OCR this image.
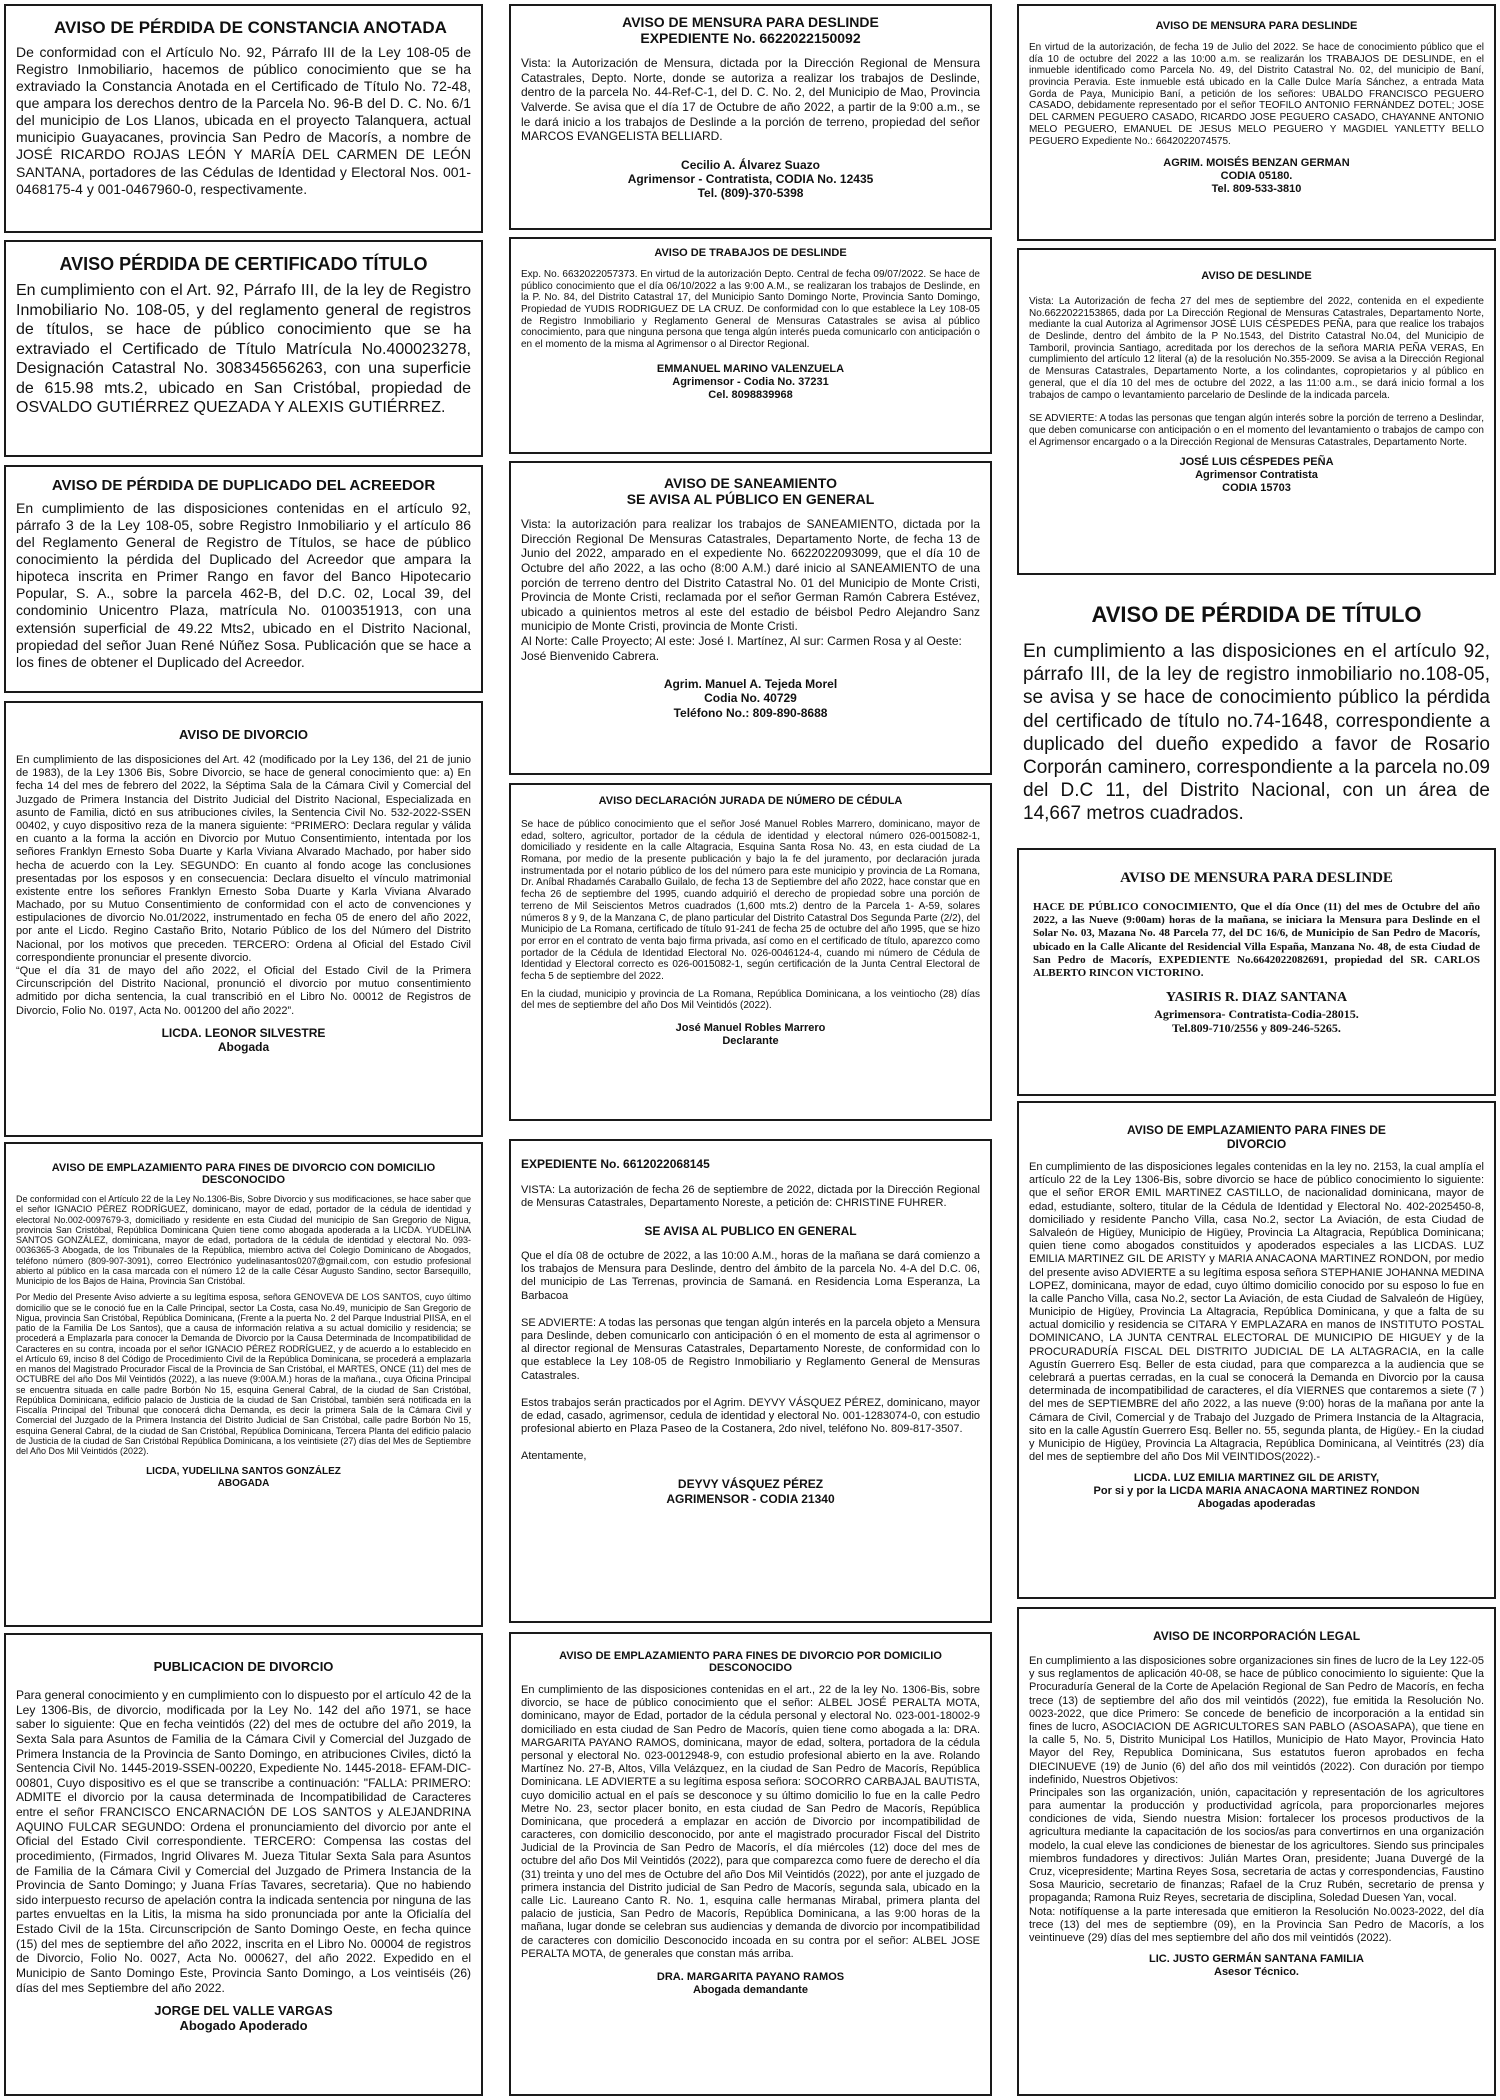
AVISO DE PÉRDIDA DE CONSTANCIA ANOTADA

De conformidad con el Artículo No. 92, Párrafo III de la Ley 108-05 de Registro Inmobiliario, hacemos de público conocimiento que se ha extraviado la Constancia Anotada en el Certificado de Título No. 72-48, que ampara los derechos dentro de la Parcela No. 96-B del D. C. No. 6/1 del municipio de Los Llanos, ubicada en el proyecto Talanquera, actual municipio Guayacanes, provincia San Pedro de Macorís, a nombre de JOSÉ RICARDO ROJAS LEÓN Y MARÍA DEL CARMEN DE LEÓN SANTANA, portadores de las Cédulas de Identidad y Electoral Nos. 001-0468175-4 y 001-0467960-0, respectivamente.

AVISO PÉRDIDA DE CERTIFICADO TÍTULO

En cumplimiento con el Art. 92, Párrafo III, de la ley de Registro Inmobiliario No. 108-05, y del reglamento general de registros de títulos, se hace de público conocimiento que se ha extraviado el Certificado de Título Matrícula No.400023278, Designación Catastral No. 308345656263, con una superficie de 615.98 mts.2, ubicado en San Cristóbal, propiedad de OSVALDO GUTIÉRREZ QUEZADA Y ALEXIS GUTIÉRREZ.

AVISO DE PÉRDIDA DE DUPLICADO DEL ACREEDOR

En cumplimiento de las disposiciones contenidas en el artículo 92, párrafo 3 de la Ley 108-05, sobre Registro Inmobiliario y el artículo 86 del Reglamento General de Registro de Títulos, se hace de público conocimiento la pérdida del Duplicado del Acreedor que ampara la hipoteca inscrita en Primer Rango en favor del Banco Hipotecario Popular, S. A., sobre la parcela 462-B, del D.C. 02, Local 39, del condominio Unicentro Plaza, matrícula No. 0100351913, con una extensión superficial de 49.22 Mts2, ubicado en el Distrito Nacional, propiedad del señor Juan René Núñez Sosa. Publicación que se hace a los fines de obtener el Duplicado del Acreedor.

AVISO DE DIVORCIO

En cumplimiento de las disposiciones del Art. 42 (modificado por la Ley 136, del 21 de junio de 1983), de la Ley 1306 Bis, Sobre Divorcio, se hace de general conocimiento que: a) En fecha 14 del mes de febrero del 2022, la Séptima Sala de la Cámara Civil y Comercial del Juzgado de Primera Instancia del Distrito Judicial del Distrito Nacional, Especializada en asunto de Familia, dictó en sus atribuciones civiles, la Sentencia Civil No. 532-2022-SSEN 00402, y cuyo dispositivo reza de la manera siguiente: “PRIMERO: Declara regular y válida en cuanto a la forma la acción en Divorcio por Mutuo Consentimiento, intentada por los señores Franklyn Ernesto Soba Duarte y Karla Viviana Alvarado Machado, por haber sido hecha de acuerdo con la Ley. SEGUNDO: En cuanto al fondo acoge las conclusiones presentadas por los esposos y en consecuencia: Declara disuelto el vínculo matrimonial existente entre los señores Franklyn Ernesto Soba Duarte y Karla Viviana Alvarado Machado, por su Mutuo Consentimiento de conformidad con el acto de convenciones y estipulaciones de divorcio No.01/2022, instrumentado en fecha 05 de enero del año 2022, por ante el Licdo. Regino Castaño Brito, Notario Público de los del Número del Distrito Nacional, por los motivos que preceden. TERCERO: Ordena al Oficial del Estado Civil correspondiente pronunciar el presente divorcio.

“Que el día 31 de mayo del año 2022, el Oficial del Estado Civil de la Primera Circunscripción del Distrito Nacional, pronunció el divorcio por mutuo consentimiento admitido por dicha sentencia, la cual transcribió en el Libro No. 00012 de Registros de Divorcio, Folio No. 0197, Acta No. 001200 del año 2022”.

LICDA. LEONOR SILVESTRE
Abogada
AVISO DE EMPLAZAMIENTO PARA FINES DE DIVORCIO CON DOMICILIO DESCONOCIDO

De conformidad con el Artículo 22 de la Ley No.1306-Bis, Sobre Divorcio y sus modificaciones, se hace saber que el señor IGNACIO PÉREZ RODRÍGUEZ, dominicano, mayor de edad, portador de la cédula de identidad y electoral No.002-0097679-3, domiciliado y residente en esta Ciudad del municipio de San Gregorio de Nigua, provincia San Cristóbal, República Dominicana Quien tiene como abogada apoderada a la LICDA. YUDELINA SANTOS GONZÁLEZ, dominicana, mayor de edad, portadora de la cédula de identidad y electoral No. 093-0036365-3 Abogada, de los Tribunales de la República, miembro activa del Colegio Dominicano de Abogados, teléfono número (809-907-3091), correo Electrónico yudelinasantos0207@gmail.com, con estudio profesional abierto al público en la casa marcada con el número 12 de la calle César Augusto Sandino, sector Barsequillo, Municipio de los Bajos de Haina, Provincia San Cristóbal.

Por Medio del Presente Aviso advierte a su legítima esposa, señora GENOVEVA DE LOS SANTOS, cuyo último domicilio que se le conoció fue en la Calle Principal, sector La Costa, casa No.49, municipio de San Gregorio de Nigua, provincia San Cristóbal, República Dominicana, (Frente a la puerta No. 2 del Parque Industrial PIISA, en el patio de la Familia De Los Santos), que a causa de información relativa a su actual domicilio y residencia; se procederá a Emplazarla para conocer la Demanda de Divorcio por la Causa Determinada de Incompatibilidad de Caracteres en su contra, incoada por el señor IGNACIO PÉREZ RODRÍGUEZ, y de acuerdo a lo establecido en el Artículo 69, inciso 8 del Código de Procedimiento Civil de la República Dominicana, se procederá a emplazarla en manos del Magistrado Procurador Fiscal de la Provincia de San Cristóbal, el MARTES, ONCE (11) del mes de OCTUBRE del año Dos Mil Veintidós (2022), a las nueve (9:00A.M.) horas de la mañana., cuya Oficina Principal se encuentra situada en calle padre Borbón No 15, esquina General Cabral, de la ciudad de San Cristóbal, República Dominicana, edificio palacio de Justicia de la ciudad de San Cristóbal, también será notificada en la Fiscalía Principal del Tribunal que conocerá dicha Demanda, es decir la primera Sala de la Cámara Civil y Comercial del Juzgado de la Primera Instancia del Distrito Judicial de San Cristóbal, calle padre Borbón No 15, esquina General Cabral, de la ciudad de San Cristóbal, República Dominicana, Tercera Planta del edificio palacio de Justicia de la ciudad de San Cristóbal República Dominicana, a los veintisiete (27) días del Mes de Septiembre del Año Dos Mil Veintidós (2022).

LICDA, YUDELILNA SANTOS GONZÁLEZ
ABOGADA
PUBLICACION DE DIVORCIO

Para general conocimiento y en cumplimiento con lo dispuesto por el artículo 42 de la Ley 1306-Bis, de divorcio, modificada por la Ley No. 142 del año 1971, se hace saber lo siguiente: Que en fecha veintidós (22) del mes de octubre del año 2019, la Sexta Sala para Asuntos de Familia de la Cámara Civil y Comercial del Juzgado de Primera Instancia de la Provincia de Santo Domingo, en atribuciones Civiles, dictó la Sentencia Civil No. 1445-2019-SSEN-00220, Expediente No. 1445-2018- EFAM-DIC-00801, Cuyo dispositivo es el que se transcribe a continuación: "FALLA: PRIMERO: ADMITE el divorcio por la causa determinada de Incompatibilidad de Caracteres entre el señor FRANCISCO ENCARNACIÓN DE LOS SANTOS y ALEJANDRINA AQUINO FULCAR SEGUNDO: Ordena el pronunciamiento del divorcio por ante el Oficial del Estado Civil correspondiente. TERCERO: Compensa las costas del procedimiento, (Firmados, Ingrid Olivares M. Jueza Titular Sexta Sala para Asuntos de Familia de la Cámara Civil y Comercial del Juzgado de Primera Instancia de la Provincia de Santo Domingo; y Juana Frías Tavares, secretaria). Que no habiendo sido interpuesto recurso de apelación contra la indicada sentencia por ninguna de las partes envueltas en la Litis, la misma ha sido pronunciada por ante la Oficialía del Estado Civil de la 15ta. Circunscripción de Santo Domingo Oeste, en fecha quince (15) del mes de septiembre del año 2022, inscrita en el Libro No. 00004 de registros de Divorcio, Folio No. 0027, Acta No. 000627, del año 2022. Expedido en el Municipio de Santo Domingo Este, Provincia Santo Domingo, a Los veintiséis (26) días del mes Septiembre del año 2022.

JORGE DEL VALLE VARGAS
Abogado Apoderado
AVISO DE MENSURA PARA DESLINDE
EXPEDIENTE No. 6622022150092

Vista: la Autorización de Mensura, dictada por la Dirección Regional de Mensura Catastrales, Depto. Norte, donde se autoriza a realizar los trabajos de Deslinde, dentro de la parcela No. 44-Ref-C-1, del D. C. No. 2, del Municipio de Mao, Provincia Valverde. Se avisa que el día 17 de Octubre de año 2022, a partir de la 9:00 a.m., se le dará inicio a los trabajos de Deslinde a la porción de terreno, propiedad del señor MARCOS EVANGELISTA BELLIARD.

Cecilio A. Álvarez Suazo
Agrimensor - Contratista, CODIA No. 12435
Tel. (809)-370-5398
AVISO DE TRABAJOS DE DESLINDE

Exp. No. 6632022057373. En virtud de la autorización Depto. Central de fecha 09/07/2022. Se hace de público conocimiento que el día 06/10/2022 a las 9:00 A.M., se realizaran los trabajos de Deslinde, en la P. No. 84, del Distrito Catastral 17, del Municipio Santo Domingo Norte, Provincia Santo Domingo, Propiedad de YUDIS RODRIGUEZ DE LA CRUZ. De conformidad con lo que establece la Ley 108-05 de Registro Inmobiliario y Reglamento General de Mensuras Catastrales se avisa al público conocimiento, para que ninguna persona que tenga algún interés pueda comunicarlo con anticipación o en el momento de la misma al Agrimensor o al Director Regional.

EMMANUEL MARINO VALENZUELA
Agrimensor - Codia No. 37231
Cel. 8098839968
AVISO DE SANEAMIENTO
SE AVISA AL PÚBLICO EN GENERAL

Vista: la autorización para realizar los trabajos de SANEAMIENTO, dictada por la Dirección Regional De Mensuras Catastrales, Departamento Norte, de fecha 13 de Junio del 2022, amparado en el expediente No. 6622022093099, que el día 10 de Octubre del año 2022, a las ocho (8:00 A.M.) daré inicio al SANEAMIENTO de una porción de terreno dentro del Distrito Catastral No. 01 del Municipio de Monte Cristi, Provincia de Monte Cristi, reclamada por el señor German Ramón Cabrera Estévez, ubicado a quinientos metros al este del estadio de béisbol Pedro Alejandro Sanz municipio de Monte Cristi, provincia de Monte Cristi.

Al Norte: Calle Proyecto; Al este: José I. Martínez, Al sur: Carmen Rosa y al Oeste: José Bienvenido Cabrera.

Agrim. Manuel A. Tejeda Morel
Codia No. 40729
Teléfono No.: 809-890-8688
AVISO DECLARACIÓN JURADA DE NÚMERO DE CÉDULA

Se hace de público conocimiento que el señor José Manuel Robles Marrero, dominicano, mayor de edad, soltero, agricultor, portador de la cédula de identidad y electoral número 026-0015082-1, domiciliado y residente en la calle Altagracia, Esquina Santa Rosa No. 43, en esta ciudad de La Romana, por medio de la presente publicación y bajo la fe del juramento, por declaración jurada instrumentada por el notario público de los del número para este municipio y provincia de La Romana, Dr. Aníbal Rhadamés Caraballo Guilalo, de fecha 13 de Septiembre del año 2022, hace constar que en fecha 26 de septiembre del 1995, cuando adquirió el derecho de propiedad sobre una porción de terreno de Mil Seiscientos Metros cuadrados (1,600 mts.2) dentro de la Parcela 1- A-59, solares números 8 y 9, de la Manzana C, de plano particular del Distrito Catastral Dos Segunda Parte (2/2), del Municipio de La Romana, certificado de título 91-241 de fecha 25 de octubre del año 1995, que se hizo por error en el contrato de venta bajo firma privada, así como en el certificado de título, aparezco como portador de la Cédula de Identidad Electoral No. 026-0046124-4, cuando mi número de Cédula de Identidad y Electoral correcto es 026-0015082-1, según certificación de la Junta Central Electoral de fecha 5 de septiembre del 2022.

En la ciudad, municipio y provincia de La Romana, República Dominicana, a los veintiocho (28) días del mes de septiembre del año Dos Mil Veintidós (2022).

José Manuel Robles Marrero
Declarante

EXPEDIENTE No. 6612022068145

VISTA: La autorización de fecha 26 de septiembre de 2022, dictada por la Dirección Regional de Mensuras Catastrales, Departamento Noreste, a petición de: CHRISTINE FUHRER.

SE AVISA AL PUBLICO EN GENERAL

Que el día 08 de octubre de 2022, a las 10:00 A.M., horas de la mañana se dará comienzo a los trabajos de Mensura para Deslinde, dentro del ámbito de la parcela No. 4-A del D.C. 06, del municipio de Las Terrenas, provincia de Samaná. en Residencia Loma Esperanza, La Barbacoa

SE ADVIERTE: A todas las personas que tengan algún interés en la parcela objeto a Mensura para Deslinde, deben comunicarlo con anticipación ó en el momento de esta al agrimensor o al director regional de Mensuras Catastrales, Departamento Noreste, de conformidad con lo que establece la Ley 108-05 de Registro Inmobiliario y Reglamento General de Mensuras Catastrales.

Estos trabajos serán practicados por el Agrim. DEYVY VÁSQUEZ PÉREZ, dominicano, mayor de edad, casado, agrimensor, cedula de identidad y electoral No. 001-1283074-0, con estudio profesional abierto en Plaza Paseo de la Costanera, 2do nivel, teléfono No. 809-817-3507.

Atentamente,

DEYVY VÁSQUEZ PÉREZ
AGRIMENSOR - CODIA 21340
AVISO DE EMPLAZAMIENTO PARA FINES DE DIVORCIO POR DOMICILIO DESCONOCIDO

En cumplimiento de las disposiciones contenidas en el art., 22 de la ley No. 1306-Bis, sobre divorcio, se hace de público conocimiento que el señor: ALBEL JOSÉ PERALTA MOTA, dominicano, mayor de Edad, portador de la cédula personal y electoral No. 023-001-18002-9 domiciliado en esta ciudad de San Pedro de Macorís, quien tiene como abogada a la: DRA. MARGARITA PAYANO RAMOS, dominicana, mayor de edad, soltera, portadora de la cédula personal y electoral No. 023-0012948-9, con estudio profesional abierto en la ave. Rolando Martínez No. 27-B, Altos, Villa Velázquez, en la ciudad de San Pedro de Macorís, República Dominicana. LE ADVIERTE a su legítima esposa señora: SOCORRO CARBAJAL BAUTISTA, cuyo domicilio actual en el país se desconoce y su último domicilio lo fue en la calle Pedro Metre No. 23, sector placer bonito, en esta ciudad de San Pedro de Macorís, República Dominicana, que procederá a emplazar en acción de Divorcio por incompatibilidad de caracteres, con domicilio desconocido, por ante el magistrado procurador Fiscal del Distrito Judicial de la Provincia de San Pedro de Macorís, el día miércoles (12) doce del mes de octubre del año Dos Mil Veintidós (2022), para que comparezca como fuere de derecho el día (31) treinta y uno del mes de Octubre del año Dos Mil Veintidós (2022), por ante el juzgado de primera instancia del Distrito judicial de San Pedro de Macorís, segunda sala, ubicado en la calle Lic. Laureano Canto R. No. 1, esquina calle hermanas Mirabal, primera planta del palacio de justicia, San Pedro de Macorís, República Dominicana, a las 9:00 horas de la mañana, lugar donde se celebran sus audiencias y demanda de divorcio por incompatibilidad de caracteres con domicilio Desconocido incoada en su contra por el señor: ALBEL JOSE PERALTA MOTA, de generales que constan más arriba.

DRA. MARGARITA PAYANO RAMOS
Abogada demandante
AVISO DE MENSURA PARA DESLINDE

En virtud de la autorización, de fecha 19 de Julio del 2022. Se hace de conocimiento público que el día 10 de octubre del 2022 a las 10:00 a.m. se realizarán los TRABAJOS DE DESLINDE, en el inmueble identificado como Parcela No. 49, del Distrito Catastral No. 02, del municipio de Baní, provincia Peravia. Este inmueble está ubicado en la Calle Dulce María Sánchez, a entrada Mata Gorda de Paya, Municipio Baní, a petición de los señores: UBALDO FRANCISCO PEGUERO CASADO, debidamente representado por el señor TEOFILO ANTONIO FERNÁNDEZ DOTEL; JOSE DEL CARMEN PEGUERO CASADO, RICARDO JOSE PEGUERO CASADO, CHAYANNE ANTONIO MELO PEGUERO, EMANUEL DE JESUS MELO PEGUERO Y MAGDIEL YANLETTY BELLO PEGUERO Expediente No.: 6642022074575.

AGRIM. MOISÉS BENZAN GERMAN
CODIA 05180.
Tel. 809-533-3810
AVISO DE DESLINDE

Vista: La Autorización de fecha 27 del mes de septiembre del 2022, contenida en el expediente No.6622022153865, dada por La Dirección Regional de Mensuras Catastrales, Departamento Norte, mediante la cual Autoriza al Agrimensor JOSÉ LUIS CÉSPEDES PEÑA, para que realice los trabajos de Deslinde, dentro del ámbito de la P No.1543, del Distrito Catastral No.04, del Municipio de Tamboril, provincia Santiago, acreditada por los derechos de la señora MARIA PEÑA VERAS, En cumplimiento del artículo 12 literal (a) de la resolución No.355-2009. Se avisa a la Dirección Regional de Mensuras Catastrales, Departamento Norte, a los colindantes, copropietarios y al público en general, que el día 10 del mes de octubre del 2022, a las 11:00 a.m., se dará inicio formal a los trabajos de campo o levantamiento parcelario de Deslinde de la indicada parcela.

SE ADVIERTE: A todas las personas que tengan algún interés sobre la porción de terreno a Deslindar, que deben comunicarse con anticipación o en el momento del levantamiento o trabajos de campo con el Agrimensor encargado o a la Dirección Regional de Mensuras Catastrales, Departamento Norte.

JOSÉ LUIS CÉSPEDES PEÑA
Agrimensor Contratista
CODIA 15703
AVISO DE PÉRDIDA DE TÍTULO

En cumplimiento a las disposiciones en el artículo 92, párrafo III, de la ley de registro inmobiliario no.108-05, se avisa y se hace de conocimiento público la pérdida del certificado de título no.74-1648, correspondiente a duplicado del dueño expedido a favor de Rosario Corporán caminero, correspondiente a la parcela no.09 del D.C 11, del Distrito Nacional, con un área de 14,667 metros cuadrados.

AVISO DE MENSURA PARA DESLINDE

HACE DE PÚBLICO CONOCIMIENTO, Que el día Once (11) del mes de Octubre del año 2022, a las Nueve (9:00am) horas de la mañana, se iniciara la Mensura para Deslinde en el Solar No. 03, Mazana No. 48 Parcela 77, del DC 16/6, de Municipio de San Pedro de Macorís, ubicado en la Calle Alicante del Residencial Villa España, Manzana No. 48, de esta Ciudad de San Pedro de Macorís, EXPEDIENTE No.6642022082691, propiedad del SR. CARLOS ALBERTO RINCON VICTORINO.

YASIRIS R. DIAZ SANTANA
Agrimensora- Contratista-Codia-28015.
Tel.809-710/2556 y 809-246-5265.
AVISO DE EMPLAZAMIENTO PARA FINES DE DIVORCIO

En cumplimiento de las disposiciones legales contenidas en la ley no. 2153, la cual amplía el artículo 22 de la Ley 1306-Bis, sobre divorcio se hace de público conocimiento lo siguiente: que el señor EROR EMIL MARTINEZ CASTILLO, de nacionalidad dominicana, mayor de edad, estudiante, soltero, titular de la Cédula de Identidad y Electoral No. 402-2025450-8, domiciliado y residente Pancho Villa, casa No.2, sector La Aviación, de esta Ciudad de Salvaleón de Higüey, Municipio de Higüey, Provincia La Altagracia, República Dominicana; quien tiene como abogados constituidos y apoderados especiales a las LICDAS. LUZ EMILIA MARTINEZ GIL DE ARISTY y MARIA ANACAONA MARTINEZ RONDON, por medio del presente aviso ADVIERTE a su legítima esposa señora STEPHANIE JOHANNA MEDINA LOPEZ, dominicana, mayor de edad, cuyo último domicilio conocido por su esposo lo fue en la calle Pancho Villa, casa No.2, sector La Aviación, de esta Ciudad de Salvaleón de Higüey, Municipio de Higüey, Provincia La Altagracia, República Dominicana, y que a falta de su actual domicilio y residencia se CITARA Y EMPLAZARA en manos de INSTITUTO POSTAL DOMINICANO, LA JUNTA CENTRAL ELECTORAL DE MUNICIPIO DE HIGUEY y de la PROCURADURÍA FISCAL DEL DISTRITO JUDICIAL DE LA ALTAGRACIA, en la calle Agustín Guerrero Esq. Beller de esta ciudad, para que comparezca a la audiencia que se celebrará a puertas cerradas, en la cual se conocerá la Demanda en Divorcio por la causa determinada de incompatibilidad de caracteres, el día VIERNES que contaremos a siete (7 ) del mes de SEPTIEMBRE del año 2022, a las nueve (9:00) horas de la mañana por ante la Cámara de Civil, Comercial y de Trabajo del Juzgado de Primera Instancia de la Altagracia, sito en la calle Agustín Guerrero Esq. Beller no. 55, segunda planta, de Higüey.- En la ciudad y Municipio de Higüey, Provincia La Altagracia, República Dominicana, al Veintitrés (23) día del mes de septiembre del año Dos Mil VEINTIDOS(2022).-

LICDA. LUZ EMILIA MARTINEZ GIL DE ARISTY,
Por si y por la LICDA MARIA ANACAONA MARTINEZ RONDON
Abogadas apoderadas
AVISO DE INCORPORACIÓN LEGAL

En cumplimiento a las disposiciones sobre organizaciones sin fines de lucro de la Ley 122-05 y sus reglamentos de aplicación 40-08, se hace de público conocimiento lo siguiente: Que la Procuraduría General de la Corte de Apelación Regional de San Pedro de Macorís, en fecha trece (13) de septiembre del año dos mil veintidós (2022), fue emitida la Resolución No. 0023-2022, que dice Primero: Se concede de beneficio de incorporación a la entidad sin fines de lucro, ASOCIACION DE AGRICULTORES SAN PABLO (ASOASAPA), que tiene en la calle 5, No. 5, Distrito Municipal Los Hatillos, Municipio de Hato Mayor, Provincia Hato Mayor del Rey, Republica Dominicana, Sus estatutos fueron aprobados en fecha DIECINUEVE (19) de Junio (6) del año dos mil veintidós (2022). Con duración por tiempo indefinido, Nuestros Objetivos:

Principales son las organización, unión, capacitación y representación de los agricultores para aumentar la producción y productividad agrícola, para proporcionarles mejores condiciones de vida, Siendo nuestra Mision: fortalecer los procesos productivos de la agricultura mediante la capacitación de los socios/as para convertirnos en una organización modelo, la cual eleve las condiciones de bienestar de los agricultores. Siendo sus principales miembros fundadores y directivos: Julián Martes Oran, presidente; Juana Duvergé de la Cruz, vicepresidente; Martina Reyes Sosa, secretaria de actas y correspondencias, Faustino Sosa Mauricio, secretario de finanzas; Rafael de la Cruz Rubén, secretario de prensa y propaganda; Ramona Ruiz Reyes, secretaria de disciplina, Soledad Duesen Yan, vocal.

Nota: notifíquense a la parte interesada que emitieron la Resolución No.0023-2022, del día trece (13) del mes de septiembre (09), en la Provincia San Pedro de Macorís, a los veintinueve (29) días del mes septiembre del año dos mil veintidós (2022).

LIC. JUSTO GERMÁN SANTANA FAMILIA
Asesor Técnico.
